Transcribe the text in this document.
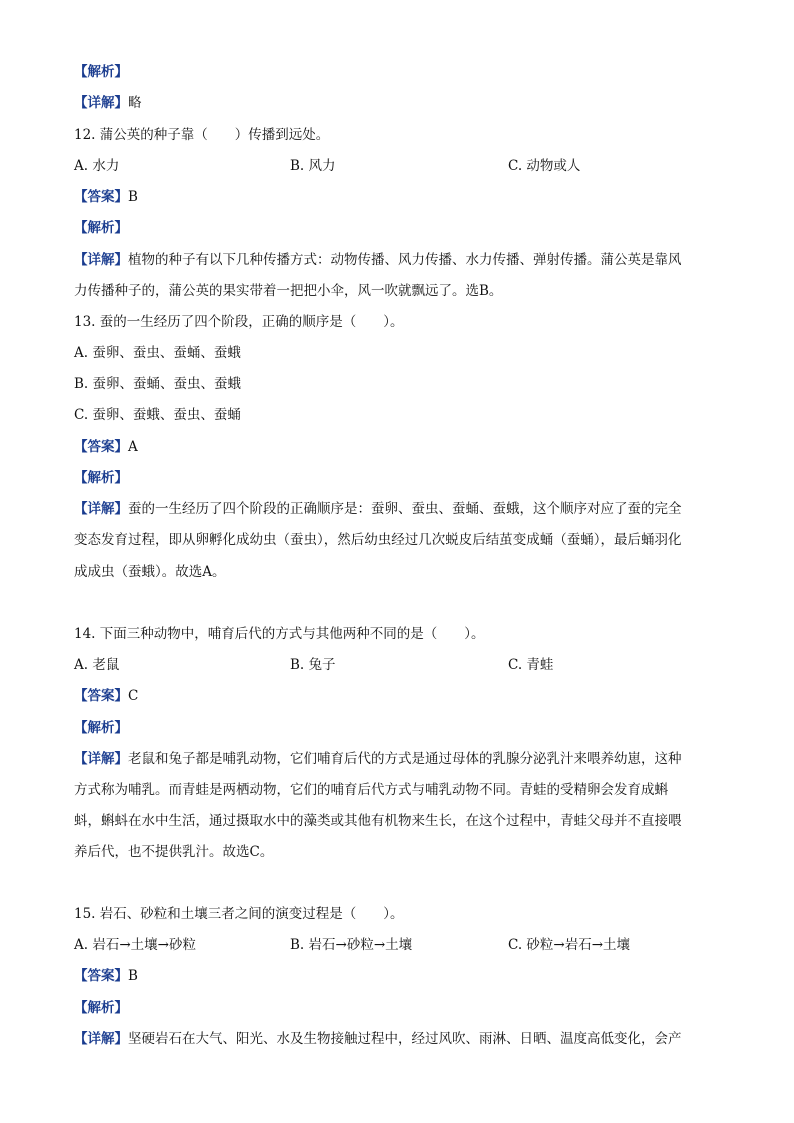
【解析】
【详解】略
12. 蒲公英的种子靠（　　）传播到远处。
A. 水力	B. 风力	C. 动物或人
【答案】B
【解析】
【详解】植物的种子有以下几种传播方式：动物传播、风力传播、水力传播、弹射传播。蒲公英是靠风
力传播种子的，蒲公英的果实带着一把把小伞，风一吹就飘远了。选B。
13. 蚕的一生经历了四个阶段，正确的顺序是（　　）。
A. 蚕卵、蚕虫、蚕蛹、蚕蛾
B. 蚕卵、蚕蛹、蚕虫、蚕蛾
C. 蚕卵、蚕蛾、蚕虫、蚕蛹
【答案】A
【解析】
【详解】蚕的一生经历了四个阶段的正确顺序是：蚕卵、蚕虫、蚕蛹、蚕蛾，这个顺序对应了蚕的完全
变态发育过程，即从卵孵化成幼虫（蚕虫），然后幼虫经过几次蜕皮后结茧变成蛹（蚕蛹），最后蛹羽化
成成虫（蚕蛾）。故选A。
14. 下面三种动物中，哺育后代的方式与其他两种不同的是（　　）。
A. 老鼠	B. 兔子	C. 青蛙
【答案】C
【解析】
【详解】老鼠和兔子都是哺乳动物，它们哺育后代的方式是通过母体的乳腺分泌乳汁来喂养幼崽，这种
方式称为哺乳。而青蛙是两栖动物，它们的哺育后代方式与哺乳动物不同。青蛙的受精卵会发育成蝌
蚪，蝌蚪在水中生活，通过摄取水中的藻类或其他有机物来生长，在这个过程中，青蛙父母并不直接喂
养后代，也不提供乳汁。故选C。
15. 岩石、砂粒和土壤三者之间的演变过程是（　　）。
A. 岩石→土壤→砂粒	B. 岩石→砂粒→土壤	C. 砂粒→岩石→土壤
【答案】B
【解析】
【详解】坚硬岩石在大气、阳光、水及生物接触过程中，经过风吹、雨淋、日晒、温度高低变化，会产
